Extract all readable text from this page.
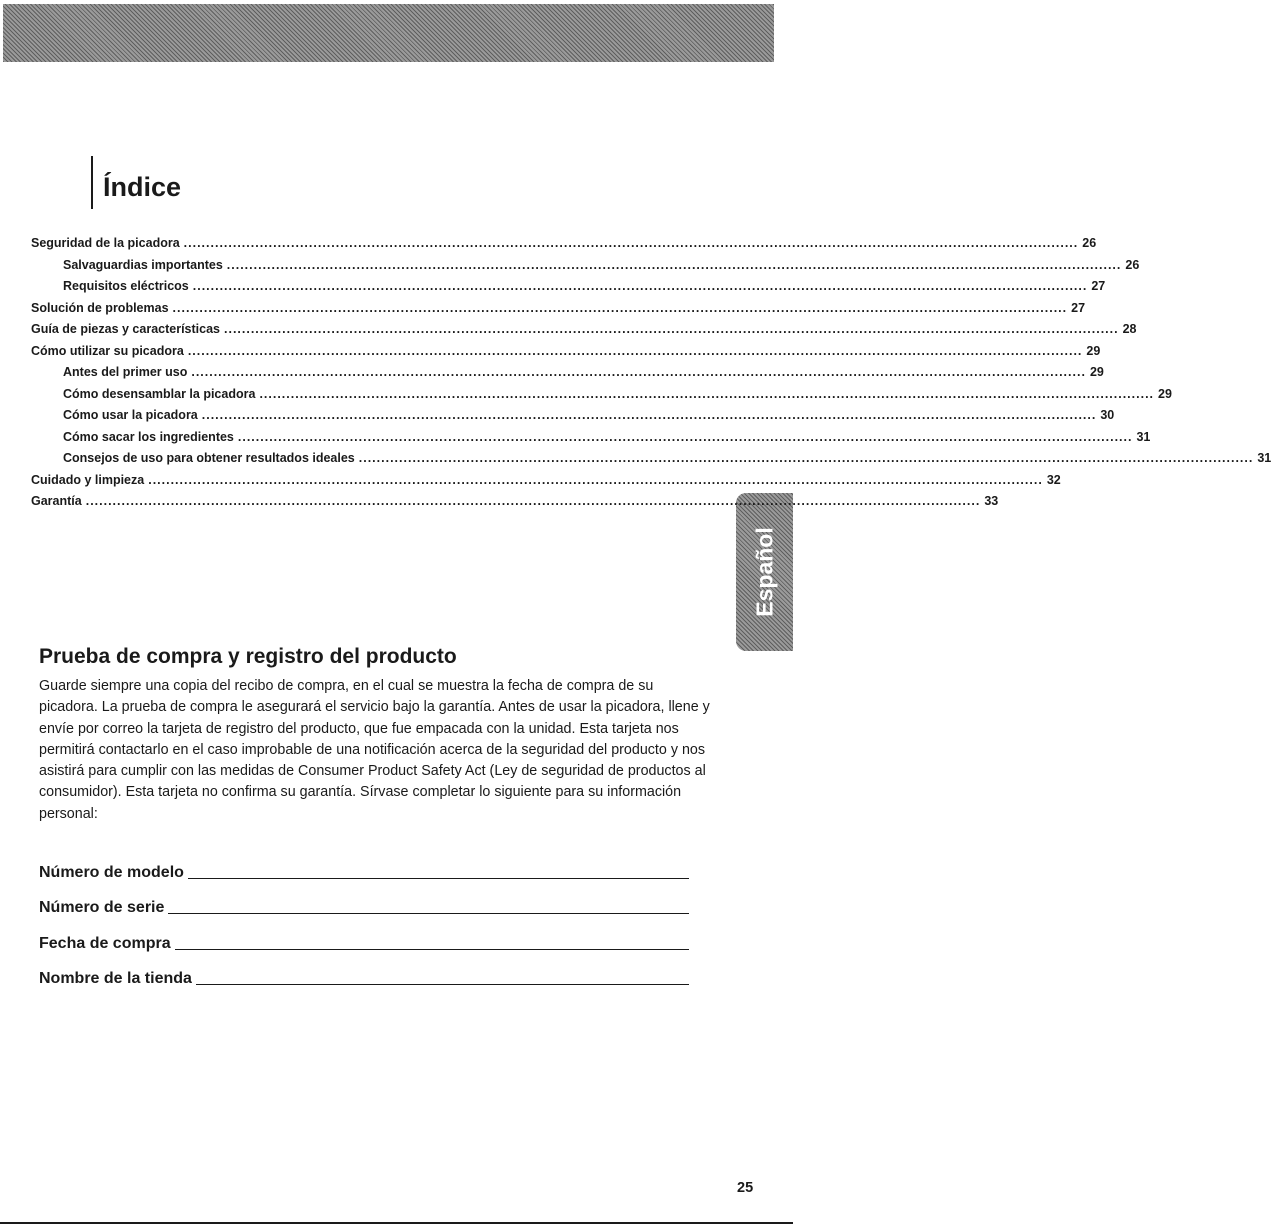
Español
Índice
Seguridad de la picadora ........................................................................................................................................................................................................ 26
Salvaguardias importantes ........................................................................................................................................................................................................ 26
Requisitos eléctricos ........................................................................................................................................................................................................ 27
Solución de problemas ........................................................................................................................................................................................................ 27
Guía de piezas y características ........................................................................................................................................................................................................ 28
Cómo utilizar su picadora ........................................................................................................................................................................................................ 29
Antes del primer uso ........................................................................................................................................................................................................ 29
Cómo desensamblar la picadora ........................................................................................................................................................................................................ 29
Cómo usar la picadora ........................................................................................................................................................................................................ 30
Cómo sacar los ingredientes ........................................................................................................................................................................................................ 31
Consejos de uso para obtener resultados ideales ........................................................................................................................................................................................................ 31
Cuidado y limpieza ........................................................................................................................................................................................................ 32
Garantía ........................................................................................................................................................................................................ 33
Prueba de compra y registro del producto

Guarde siempre una copia del recibo de compra, en el cual se muestra la fecha de compra de su picadora. La prueba de compra le asegurará el servicio bajo la garantía. Antes de usar la picadora, llene y envíe por correo la tarjeta de registro del producto, que fue empacada con la unidad. Esta tarjeta nos permitirá contactarlo en el caso improbable de una notificación acerca de la seguridad del producto y nos asistirá para cumplir con las medidas de Consumer Product Safety Act (Ley de seguridad de productos al consumidor). Esta tarjeta no confirma su garantía. Sírvase completar lo siguiente para su información personal:

Número de modelo
Número de serie
Fecha de compra
Nombre de la tienda
25
